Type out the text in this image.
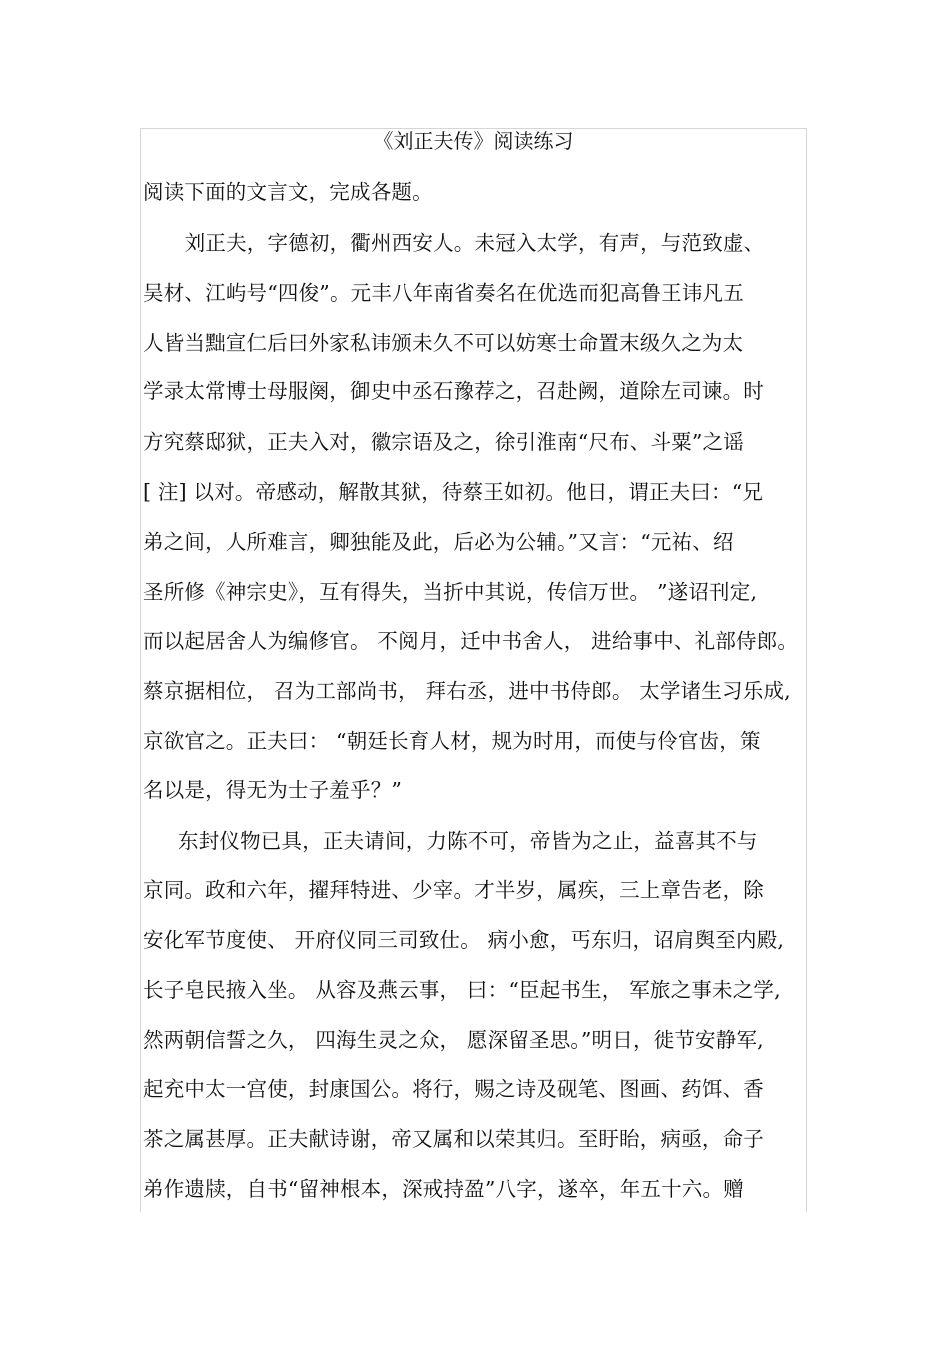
《刘正夫传》阅读练习
阅读下面的文言文，完成各题。
　刘正夫，字德初，衢州西安人。未冠入太学，有声，与范致虚、
吴材、江屿号“四俊”。元丰八年南省奏名在优选而犯高鲁王讳凡五
人皆当黜宣仁后曰外家私讳颁未久不可以妨寒士命置末级久之为太
学录太常博士母服阕，御史中丞石豫荐之，召赴阙，道除左司谏。时
方究蔡邸狱，正夫入对，徽宗语及之，徐引淮南“尺布、斗粟”之谣
[ 注] 以对。帝感动，解散其狱，待蔡王如初。他日，谓正夫曰：“兄
弟之间，人所难言，卿独能及此，后必为公辅。”又言：“元祐、绍
圣所修《神宗史》，互有得失，当折中其说，传信万世。 ”遂诏刊定,
而以起居舍人为编修官。 不阅月，迁中书舍人， 进给事中、礼部侍郎。
蔡京据相位， 召为工部尚书， 拜右丞，进中书侍郎。 太学诸生习乐成,
京欲官之。正夫曰： “朝廷长育人材，规为时用，而使与伶官齿，策
名以是，得无为士子羞乎？”
东封仪物已具，正夫请间，力陈不可，帝皆为之止，益喜其不与
京同。政和六年，擢拜特进、少宰。才半岁，属疾，三上章告老，除
安化军节度使、 开府仪同三司致仕。 病小愈，丐东归，诏肩舆至内殿,
长子皂民掖入坐。 从容及燕云事， 曰：“臣起书生， 军旅之事未之学,
然两朝信誓之久， 四海生灵之众， 愿深留圣思。”明日，徙节安静军,
起充中太一宫使，封康国公。将行，赐之诗及砚笔、图画、药饵、香
茶之属甚厚。正夫献诗谢，帝又属和以荣其归。至盱眙，病亟，命子
弟作遗牍，自书“留神根本，深戒持盈”八字，遂卒，年五十六。赠
